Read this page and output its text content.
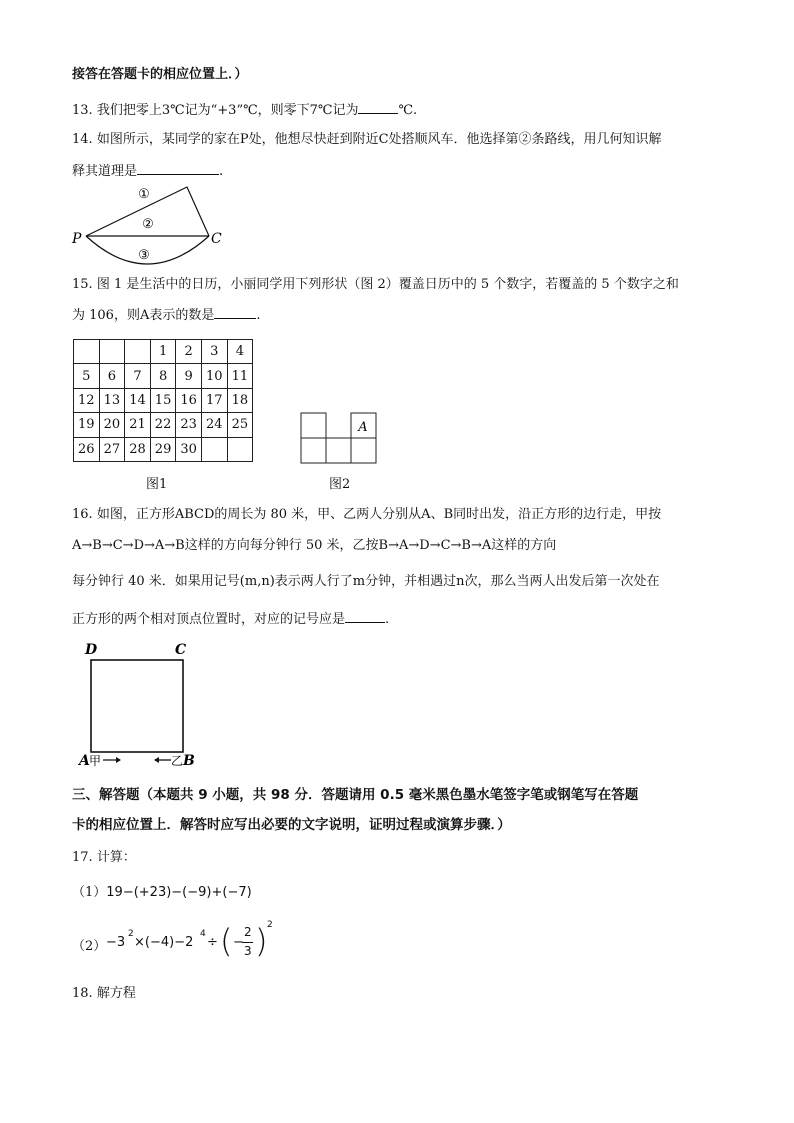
接答在答题卡的相应位置上．）
13. 我们把零上3℃记为“+3”℃，则零下7℃记为	℃.
14. 如图所示，某同学的家在P处，他想尽快赶到附近C处搭顺风车．他选择第②条路线，用几何知识解
释其道理是	.
①
②
③
P	C
15. 图 1 是生活中的日历，小丽同学用下列形状（图 2）覆盖日历中的 5 个数字，若覆盖的 5 个数字之和
为 106，则A表示的数是	.
			1	2	3	4
5	6	7	8	9	10	11
12	13	14	15	16	17	18
19	20	21	22	23	24	25
26	27	28	29	30		
图1
A
图2
16. 如图，正方形ABCD的周长为 80 米，甲、乙两人分别从A、B同时出发，沿正方形的边行走，甲按
A→B→C→D→A→B这样的方向每分钟行 50 米，乙按B→A→D→C→B→A这样的方向
每分钟行 40 米．如果用记号(m,n)表示两人行了m分钟，并相遇过n次，那么当两人出发后第一次处在
正方形的两个相对顶点位置时，对应的记号应是	.
D	C
A 甲	乙 B
三、解答题（本题共 9 小题，共 98 分．答题请用 0.5 毫米黑色墨水笔签字笔或钢笔写在答题
卡的相应位置上．解答时应写出必要的文字说明，证明过程或演算步骤．）
17. 计算：
（1）19−(+23)−(−9)+(−7)
（2） −3
2
×(−4)−2
4
÷ ( −
2
3 ) 2
18. 解方程
